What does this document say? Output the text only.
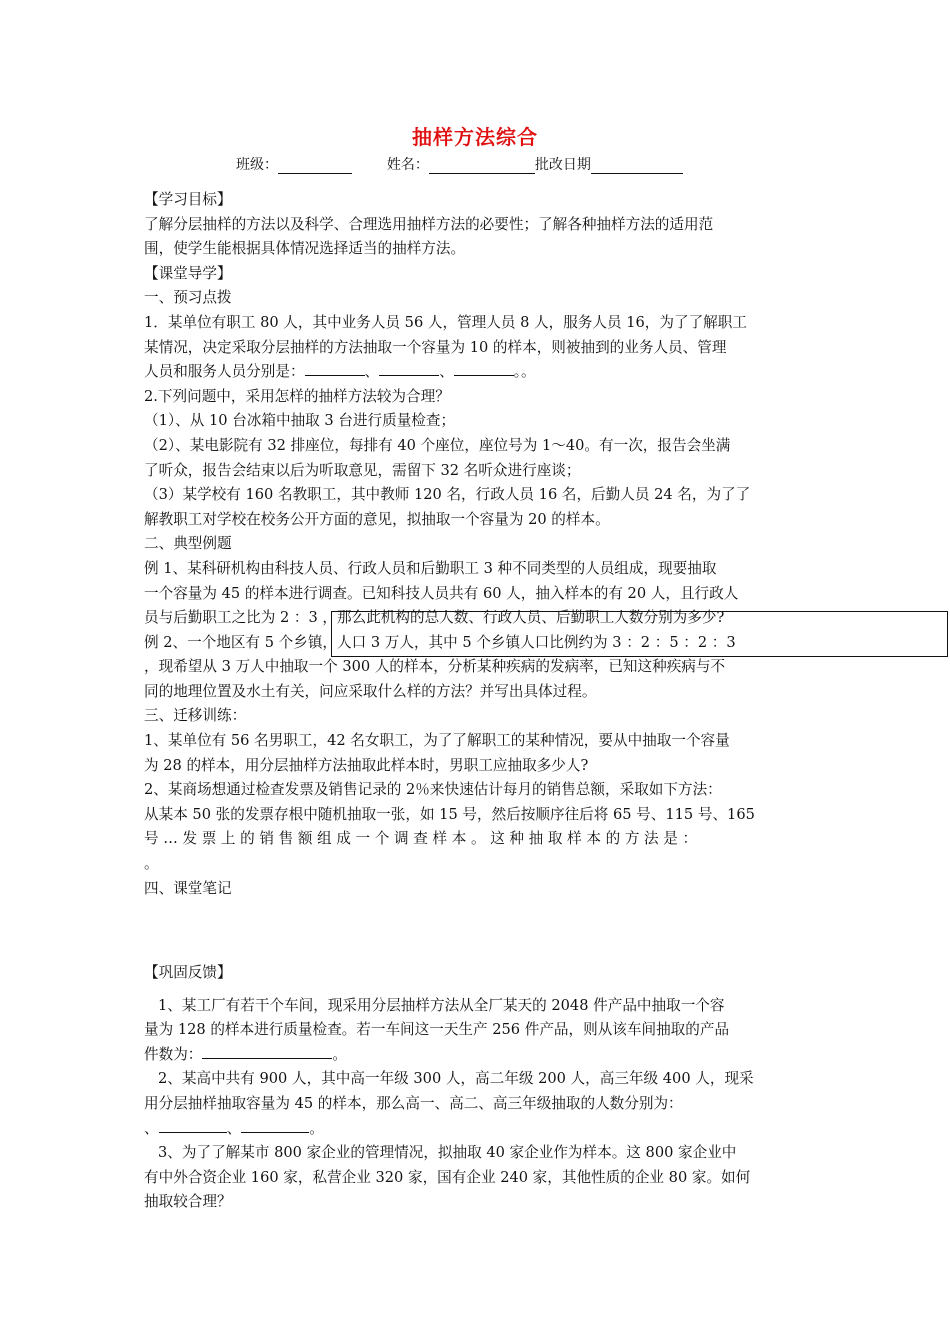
抽样方法综合
班级：	姓名：	批改日期
【学习目标】
了解分层抽样的方法以及科学、合理选用抽样方法的必要性；了解各种抽样方法的适用范
围，使学生能根据具体情况选择适当的抽样方法。
【课堂导学】
一、预习点拨
1．某单位有职工 80 人，其中业务人员 56 人，管理人员 8 人，服务人员 16，为了了解职工
某情况，决定采取分层抽样的方法抽取一个容量为 10 的样本，则被抽到的业务人员、管理
人员和服务人员分别是：	、	、	。。
2.下列问题中，采用怎样的抽样方法较为合理？
（1）、从 10 台冰箱中抽取 3 台进行质量检查；
（2）、某电影院有 32 排座位，每排有 40 个座位，座位号为 1～40。有一次，报告会坐满
了听众，报告会结束以后为听取意见，需留下 32 名听众进行座谈；
（3）某学校有 160 名教职工，其中教师 120 名，行政人员 16 名，后勤人员 24 名，为了了
解教职工对学校在校务公开方面的意见，拟抽取一个容量为 20 的样本。
二、典型例题
例 1、某科研机构由科技人员、行政人员和后勤职工 3 种不同类型的人员组成，现要抽取
一个容量为 45 的样本进行调查。已知科技人员共有 60 人，抽入样本的有 20 人，且行政人
员与后勤职工之比为 2 ：3 ，那么此机构的总人数、行政人员、后勤职工人数分别为多少?
例 2、一个地区有 5 个乡镇，人口 3 万人，其中 5 个乡镇人口比例约为 3 ：2 ：5 ：2 ：3
，现希望从 3 万人中抽取一个 300 人的样本，分析某种疾病的发病率，已知这种疾病与不
同的地理位置及水土有关，问应采取什么样的方法？并写出具体过程。
三、迁移训练：
1、某单位有 56 名男职工，42 名女职工，为了了解职工的某种情况，要从中抽取一个容量
为 28 的样本，用分层抽样方法抽取此样本时，男职工应抽取多少人?
2、某商场想通过检查发票及销售记录的 2％来快速估计每月的销售总额，采取如下方法：
从某本 50 张的发票存根中随机抽取一张，如 15 号，然后按顺序往后将 65 号、115 号、165
号 … 发 票 上 的 销 售 额 组 成 一 个 调 查 样 本 。 这 种 抽 取 样 本 的 方 法 是 ：
。
四、课堂笔记
【巩固反馈】
1、某工厂有若干个车间，现采用分层抽样方法从全厂某天的 2048 件产品中抽取一个容
量为 128 的样本进行质量检查。若一车间这一天生产 256 件产品，则从该车间抽取的产品
件数为：	。
2、某高中共有 900 人，其中高一年级 300 人，高二年级 200 人，高三年级 400 人，现采
用分层抽样抽取容量为 45 的样本，那么高一、高二、高三年级抽取的人数分别为：
、	、	。
3、为了了解某市 800 家企业的管理情况，拟抽取 40 家企业作为样本。这 800 家企业中
有中外合资企业 160 家，私营企业 320 家，国有企业 240 家，其他性质的企业 80 家。如何
抽取较合理？
